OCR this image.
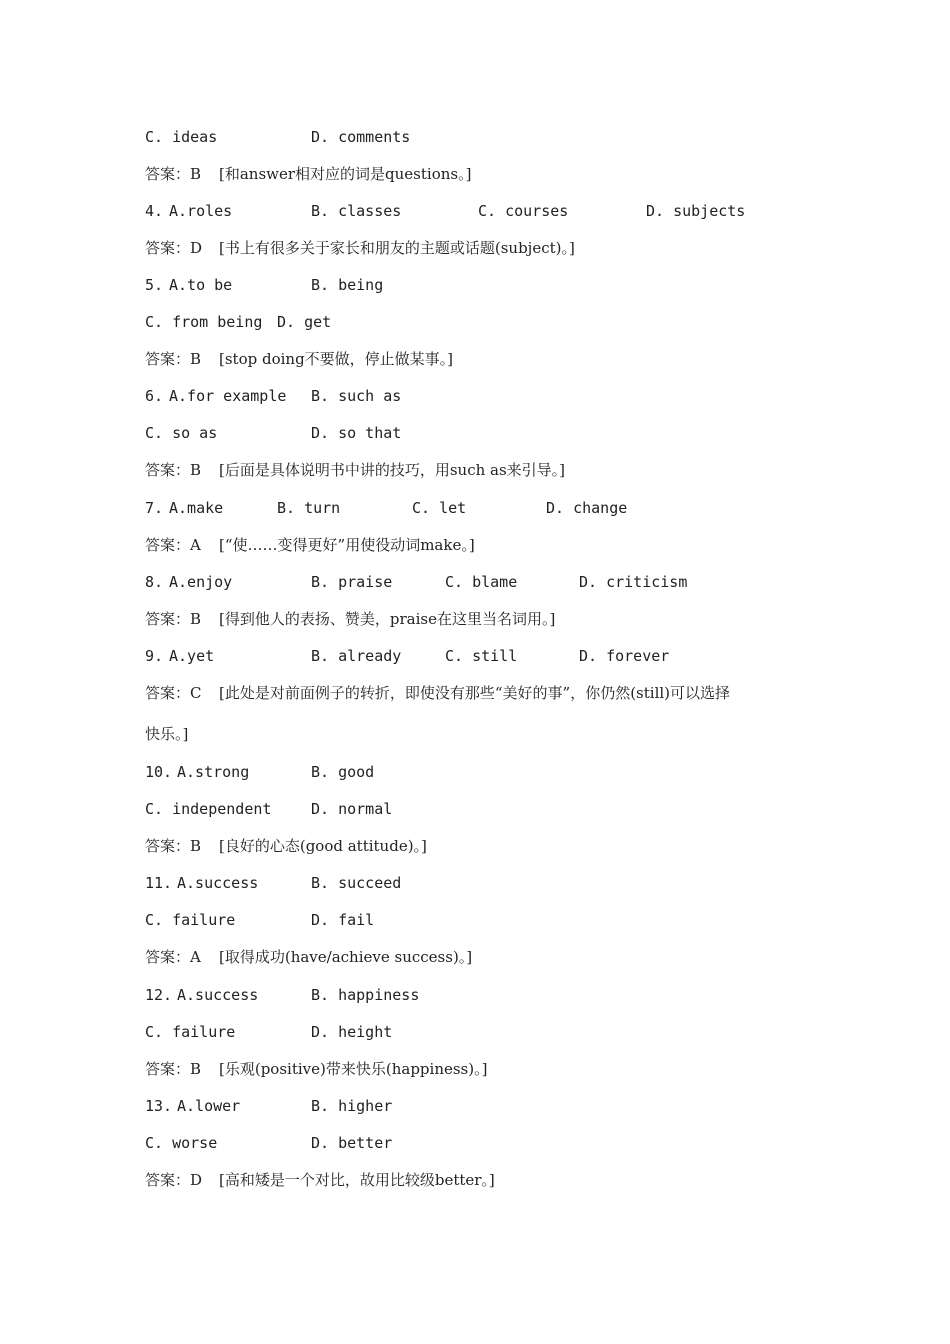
C. ideas

	D. comments

答案：B

[和answer相对应的词是questions。]

4.

A.roles

	B. classes

	C. courses

	D. subjects

答案：D

[书上有很多关于家长和朋友的主题或话题(subject)。]

5.

A.to be

	B. being

C. from being

D. get

答案：B

[stop doing不要做，停止做某事。]

6.

A.for example

B. such as

C. so as

	D. so that

答案：B

[后面是具体说明书中讲的技巧，用such as来引导。]

7.

A.make

	B. turn

	C. let

	D. change

答案：A

[“使……变得更好”用使役动词make。]

8.

A.enjoy

	B. praise

	C. blame

	D. criticism

答案：B

[得到他人的表扬、赞美，praise在这里当名词用。]

9.

A.yet

	B. already

	C. still

	D. forever

答案：C

[此处是对前面例子的转折，即使没有那些“美好的事”，你仍然(still)可以选择

快乐。]

10.

A.strong

	B. good

C. independent

	D. normal

答案：B

[良好的心态(good attitude)。]

11.

A.success

	B. succeed

C. failure

	D. fail

答案：A

[取得成功(have/achieve success)。]

12.

A.success

	B. happiness

C. failure

	D. height

答案：B

[乐观(positive)带来快乐(happiness)。]

13.

A.lower

	B. higher

C. worse

	D. better

答案：D

[高和矮是一个对比，故用比较级better。]
